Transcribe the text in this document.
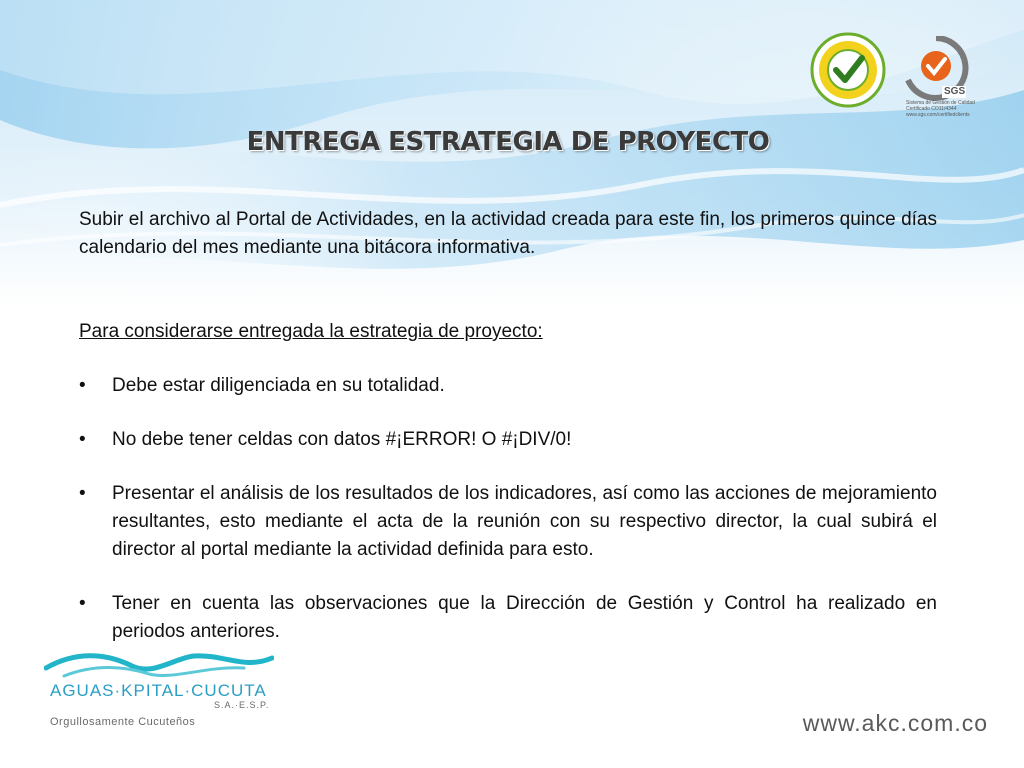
SGS
Sistema de Gestión de Calidad
Certificado CO11/4344
www.sgs.com/certifiedclients
ENTREGA ESTRATEGIA DE PROYECTO

Subir el archivo al Portal de Actividades, en la actividad creada para este fin, los primeros quince días calendario del mes mediante una bitácora informativa.

Para considerarse entregada la estrategia de proyecto:

• Debe estar diligenciada en su totalidad.
• No debe tener celdas con datos #¡ERROR! O #¡DIV/0!
• Presentar el análisis de los resultados de los indicadores, así como las acciones de mejoramiento resultantes, esto mediante el acta de la reunión con su respectivo director, la cual subirá el director al portal mediante la actividad definida para esto.
• Tener en cuenta las observaciones que la Dirección de Gestión y Control ha realizado en periodos anteriores.
AGUAS·KPITAL·CUCUTA
S.A.·E.S.P.
Orgullosamente Cucuteños	www.akc.com.co
